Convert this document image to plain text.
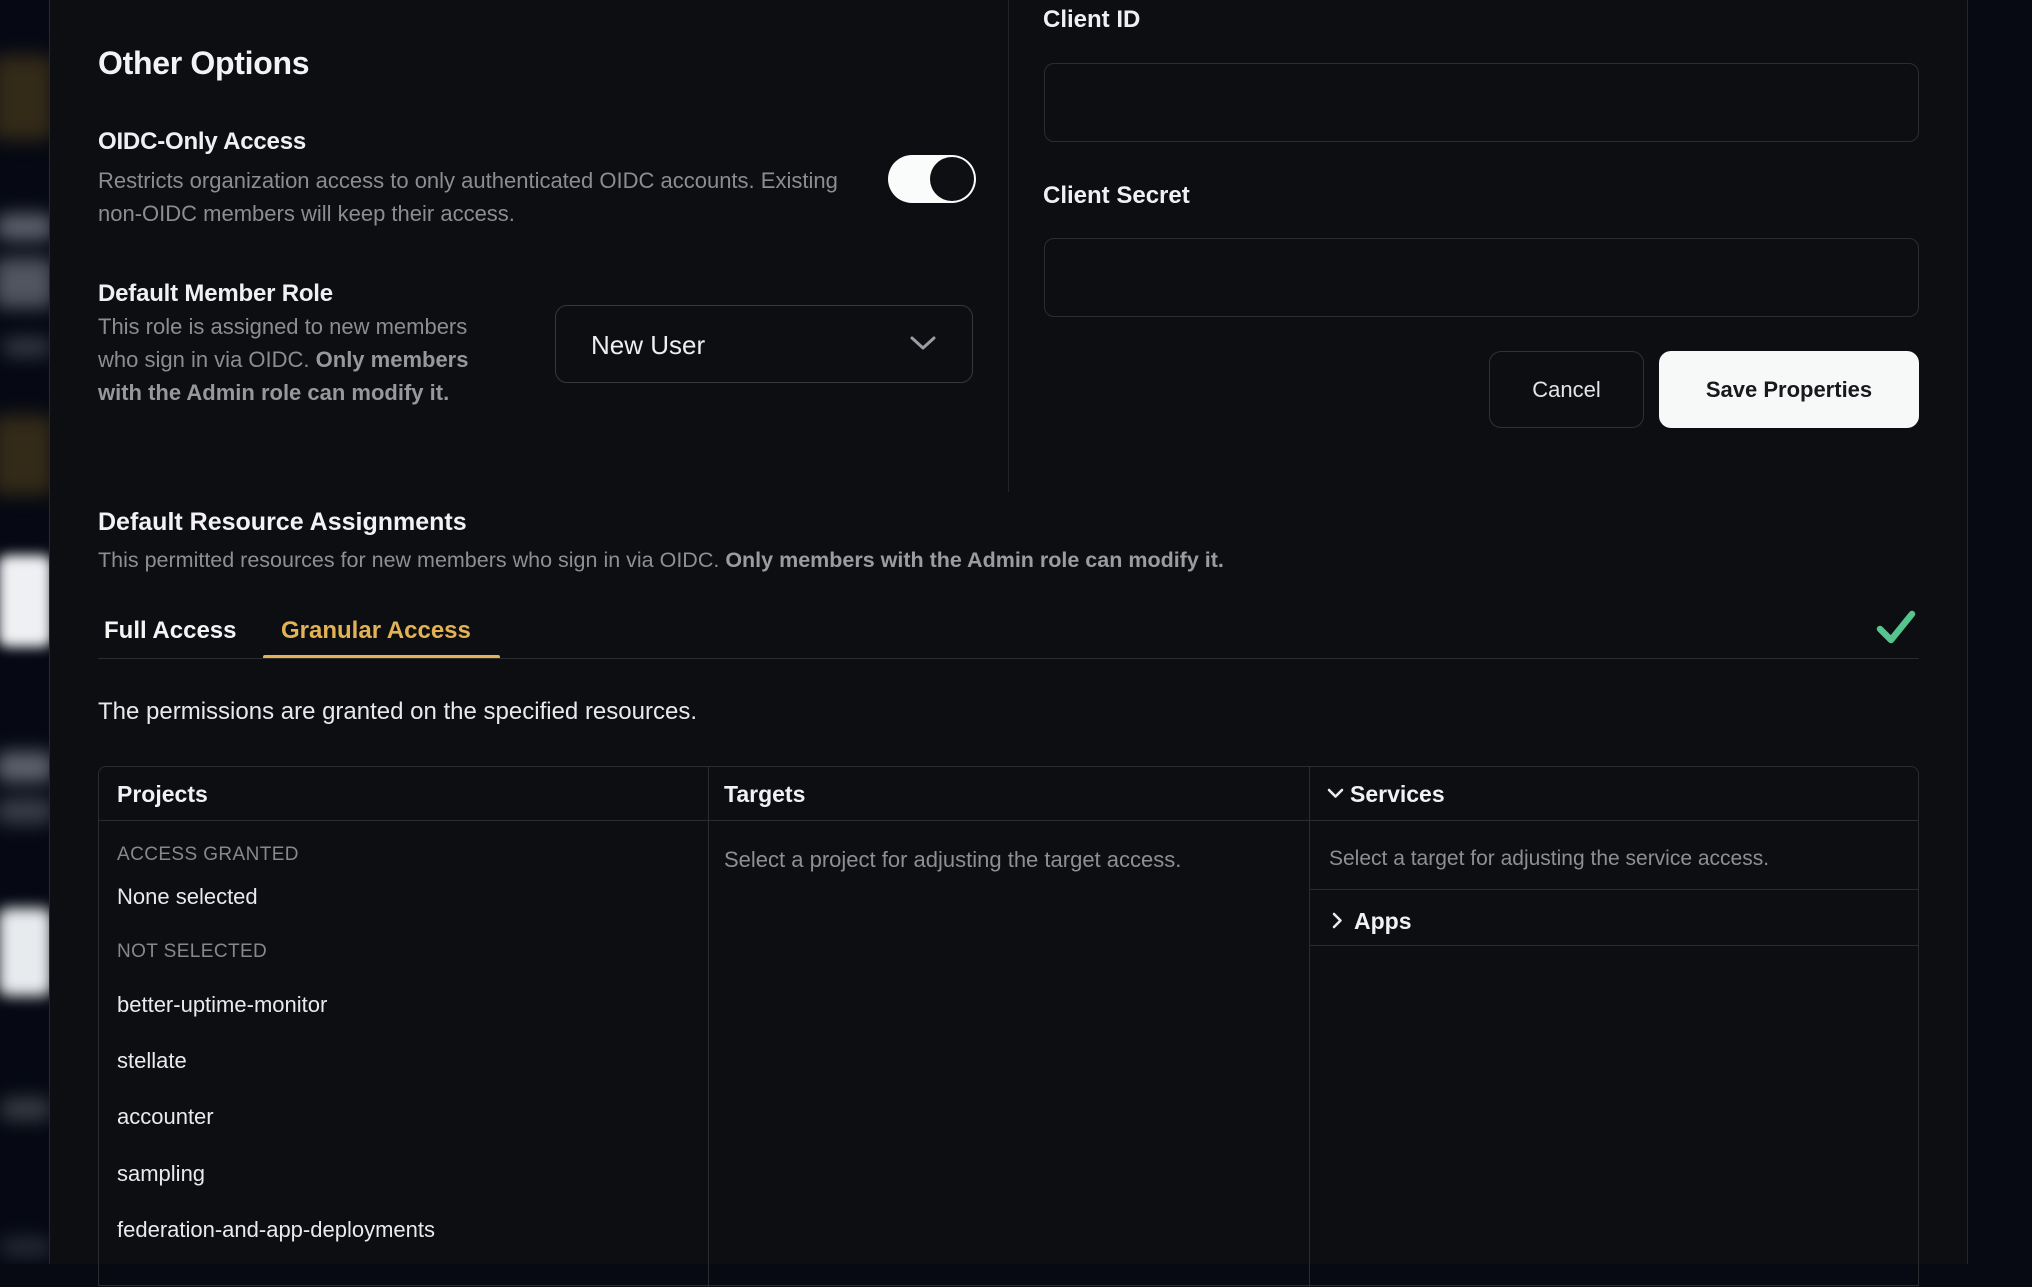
Other Options
OIDC-Only Access
Restricts organization access to only authenticated OIDC accounts. Existing non-OIDC members will keep their access.
Default Member Role
This role is assigned to new members who sign in via OIDC. Only members with the Admin role can modify it.
New User
Client ID
Client Secret
Cancel	Save Properties
Default Resource Assignments
This permitted resources for new members who sign in via OIDC. Only members with the Admin role can modify it.
Full Access Granular Access
The permissions are granted on the specified resources.
Projects
ACCESS GRANTED
None selected
NOT SELECTED
better-uptime-monitor
stellate
accounter
sampling
federation-and-app-deployments
Targets
Select a project for adjusting the target access.
Services
Select a target for adjusting the service access.
Apps
